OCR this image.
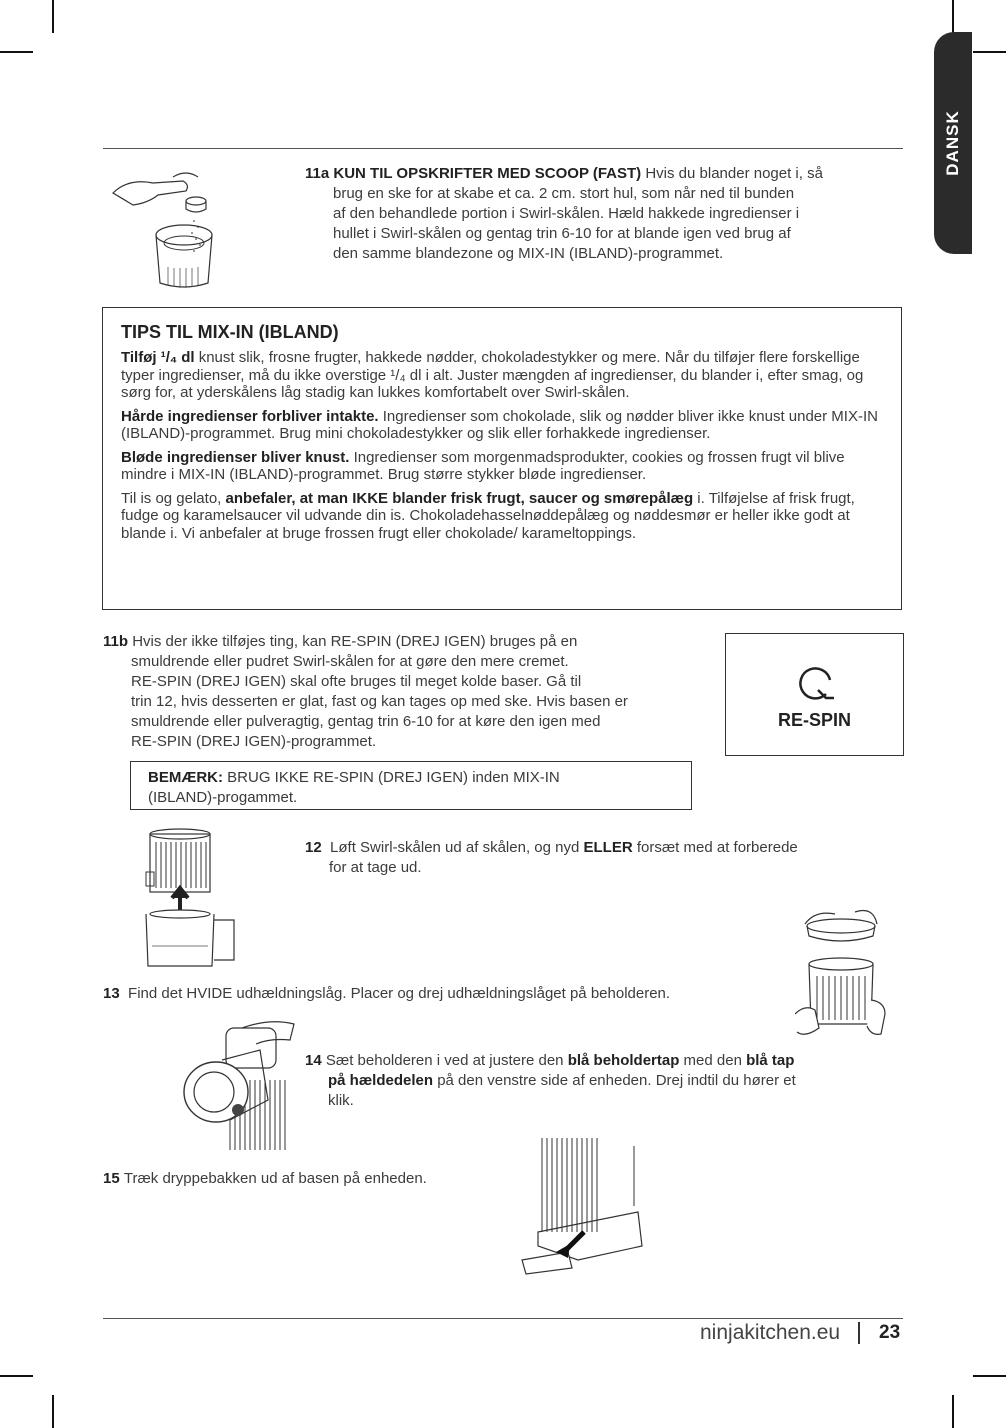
DANSK
11a KUN TIL OPSKRIFTER MED SCOOP (FAST) Hvis du blander noget i, så
brug en ske for at skabe et ca. 2 cm. stort hul, som når ned til bunden
af den behandlede portion i Swirl-skålen. Hæld hakkede ingredienser i
hullet i Swirl-skålen og gentag trin 6-10 for at blande igen ved brug af
den samme blandezone og MIX-IN (IBLAND)-programmet.
TIPS TIL MIX-IN (IBLAND)

Tilføj ¹/₄ dl knust slik, frosne frugter, hakkede nødder, chokoladestykker og mere. Når du tilføjer flere forskellige typer ingredienser, må du ikke overstige ¹/₄ dl i alt. Juster mængden af ingredienser, du blander i, efter smag, og sørg for, at yderskålens låg stadig kan lukkes komfortabelt over Swirl-skålen.

Hårde ingredienser forbliver intakte. Ingredienser som chokolade, slik og nødder bliver ikke knust under MIX-IN (IBLAND)-programmet. Brug mini chokoladestykker og slik eller forhakkede ingredienser.

Bløde ingredienser bliver knust. Ingredienser som morgenmadsprodukter, cookies og frossen frugt vil blive mindre i MIX-IN (IBLAND)-programmet. Brug større stykker bløde ingredienser.

Til is og gelato, anbefaler, at man IKKE blander frisk frugt, saucer og smørepålæg i. Tilføjelse af frisk frugt, fudge og karamelsaucer vil udvande din is. Chokoladehasselnøddepålæg og nøddesmør er heller ikke godt at blande i. Vi anbefaler at bruge frossen frugt eller chokolade/ karameltoppings.

11b Hvis der ikke tilføjes ting, kan RE-SPIN (DREJ IGEN) bruges på en
smuldrende eller pudret Swirl-skålen for at gøre den mere cremet.
RE-SPIN (DREJ IGEN) skal ofte bruges til meget kolde baser. Gå til
trin 12, hvis desserten er glat, fast og kan tages op med ske. Hvis basen er
smuldrende eller pulveragtig, gentag trin 6-10 for at køre den igen med
RE-SPIN (DREJ IGEN)-programmet.
RE-SPIN
BEMÆRK: BRUG IKKE RE-SPIN (DREJ IGEN) inden MIX-IN
(IBLAND)-progammet.
12 Løft Swirl-skålen ud af skålen, og nyd ELLER forsæt med at forberede
for at tage ud.
13 Find det HVIDE udhældningslåg. Placer og drej udhældningslåget på beholderen.
14 Sæt beholderen i ved at justere den blå beholdertap med den blå tap
på hældedelen på den venstre side af enheden. Drej indtil du hører et
klik.
15 Træk dryppebakken ud af basen på enheden.
ninjakitchen.eu 23
